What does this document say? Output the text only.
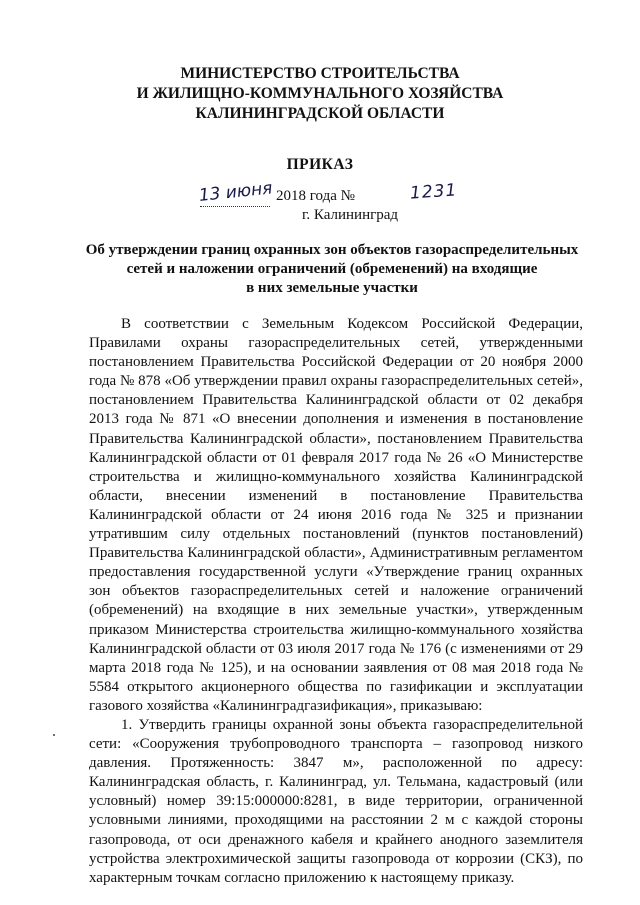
МИНИСТЕРСТВО СТРОИТЕЛЬСТВА
И ЖИЛИЩНО-КОММУНАЛЬНОГО ХОЗЯЙСТВА
КАЛИНИНГРАДСКОЙ ОБЛАСТИ
ПРИКАЗ
13 июня 2018 года №	1231
г. Калининград
Об утверждении границ охранных зон объектов газораспределительных
сетей и наложении ограничений (обременений) на входящие
в них земельные участки

В соответствии с Земельным Кодексом Российской Федерации, Правилами охраны газораспределительных сетей, утвержденными постановлением Правительства Российской Федерации от 20 ноября 2000 года № 878 «Об утверждении правил охраны газораспределительных сетей», постановлением Правительства Калининградской области от 02 декабря 2013 года № 871 «О внесении дополнения и изменения в постановление Правительства Калининградской области», постановлением Правительства Калининградской области от 01 февраля 2017 года № 26 «О Министерстве строительства и жилищно-коммунального хозяйства Калининградской области, внесении изменений в постановление Правительства Калининградской области от 24 июня 2016 года № 325 и признании утратившим силу отдельных постановлений (пунктов постановлений) Правительства Калининградской области», Административным регламентом предоставления государственной услуги «Утверждение границ охранных зон объектов газораспределительных сетей и наложение ограничений (обременений) на входящие в них земельные участки», утвержденным приказом Министерства строительства жилищно-коммунального хозяйства Калининградской области от 03 июля 2017 года № 176 (с изменениями от 29 марта 2018 года № 125), и на основании заявления от 08 мая 2018 года № 5584 открытого акционерного общества по газификации и эксплуатации газового хозяйства «Калининградгазификация», приказываю:

1. Утвердить границы охранной зоны объекта газораспределительной сети: «Сооружения трубопроводного транспорта – газопровод низкого давления. Протяженность: 3847 м», расположенной по адресу: Калининградская область, г. Калининград, ул. Тельмана, кадастровый (или условный) номер 39:15:000000:8281, в виде территории, ограниченной условными линиями, проходящими на расстоянии 2 м с каждой стороны газопровода, от оси дренажного кабеля и крайнего анодного заземлителя устройства электрохимической защиты газопровода от коррозии (СКЗ), по характерным точкам согласно приложению к настоящему приказу.
